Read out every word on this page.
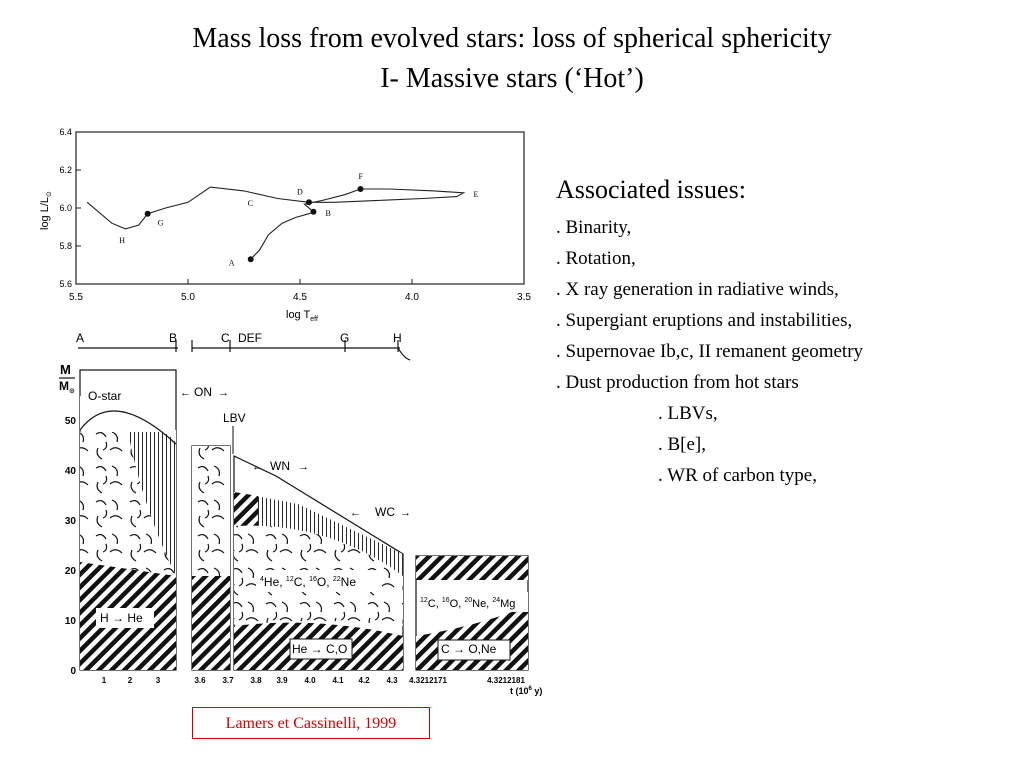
Mass loss from evolved stars: loss of spherical sphericity
I- Massive stars (‘Hot’)
5.5	5.0	4.5	4.0	3.5
6.4
6.2
6.0
5.8
5.6
A
B
C
D	E
F
G
H
$\log T_{eff}$
$\log L/L_⊙$
A	B	C DEF	G	H
M
$M_⊙$ O-star	← ON →
LBV
← WN →
← WC →
H → He
He → C,O	C → O,Ne
$^4$He, $^{12}$C, $^{16}$O, $^{22}$Ne
$^{12}$C, $^{16}$O, $^{20}$Ne, $^{24}$Mg
0
10
20
30
40
50
1	2	3	3.6 3.7 3.8 3.9 4.0 4.1 4.2 4.3 4.3212171	4.3212181
t ($10^6$ y)
Associated issues:
. Binarity,
. Rotation,
. X ray generation in radiative winds,
. Supergiant eruptions and instabilities,
. Supernovae Ib,c, II remanent geometry
. Dust production from hot stars
. LBVs,
. B[e],
. WR of carbon type,
Lamers et Cassinelli, 1999
